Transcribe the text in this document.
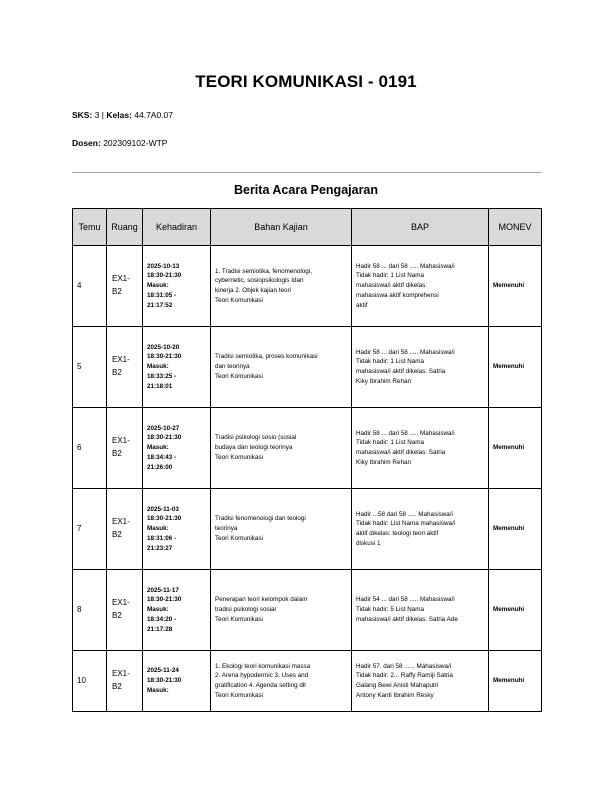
TEORI KOMUNIKASI - 0191
SKS: 3 | Kelas: 44.7A0.07
Dosen: 202309102-WTP
Berita Acara Pengajaran
Temu	Ruang	Kehadiran	Bahan Kajian	BAP	MONEV
4	EX1-
B2	2025-10-13
18:30-21:30
Masuk:
18:31:05 -
21:17:52	1. Tradisi semiotika, fenomenologi,
cybernetic, sosiopsikologis Idan
kinerja 2. Objek kajian teori
Teori Komunikasi	Hadir 58 ... dari 58 ..... Mahasiswa/i
Tidak hadir: 1 List Nama
mahasiswa/i aktif dikelas:
mahasiswa aktif komprehensi
aktif	Memenuhi
5	EX1-
B2	2025-10-20
18:30-21:30
Masuk:
18:33:25 -
21:18:01	Tradisi semiotika, proses komunikasi
dan teorinya
Teori Komunikasi	Hadir 58 ... dari 58 ..... Mahasiswa/i
Tidak hadir: 1 List Nama
mahasiswa/i aktif dikelas: Satria
Kiky Ibrahim Rehan	Memenuhi
6	EX1-
B2	2025-10-27
18:30-21:30
Masuk:
18:34:43 -
21:26:00	Tradisi psikologi sosio (sosial
budaya dan teologi teorinya
Teori Komunikasi	Hadir 58 ... dari 58 ..... Mahasiswa/i
Tidak hadir: 1 List Nama
mahasiswa/i aktif dikelas: Satria
Kiky Ibrahim Rehan	Memenuhi
7	EX1-
B2	2025-11-03
18:30-21:30
Masuk:
18:31:06 -
21:23:27	Tradisi fenomenologi dan teologi
teorinya
Teori Komunikasi	Hadir ...58 dari 58 ..... Mahasiswa/i
Tidak hadir: List Nama mahasiswa/i
aktif dikelas: teologi teori aktif
diskusi 1	Memenuhi
8	EX1-
B2	2025-11-17
18:30-21:30
Masuk:
18:34:20 -
21:17:28	Penerapan teori kelompok dalam
tradisi psikologi sosial
Teori Komunikasi	Hadir 54 ... dari 58 ..... Mahasiswa/i
Tidak hadir: 5 List Nama
mahasiswa/i aktif dikelas: Satria Ade	Memenuhi
10	EX1-
B2	2025-11-24
18:30-21:30
Masuk:	1. Ekologi teori komunikasi massa
2. Arena hypodermic 3. Uses and
gratification 4. Agenda setting dll
Teori Komunikasi	Hadir 57. dari 58 ...... Mahasiswa/i
Tidak hadir: 2... Raffy Ramiji Satria
Galang Bewi Anisti Mahaputri
Antony Kanti Ibrahim Resky	Memenuhi
